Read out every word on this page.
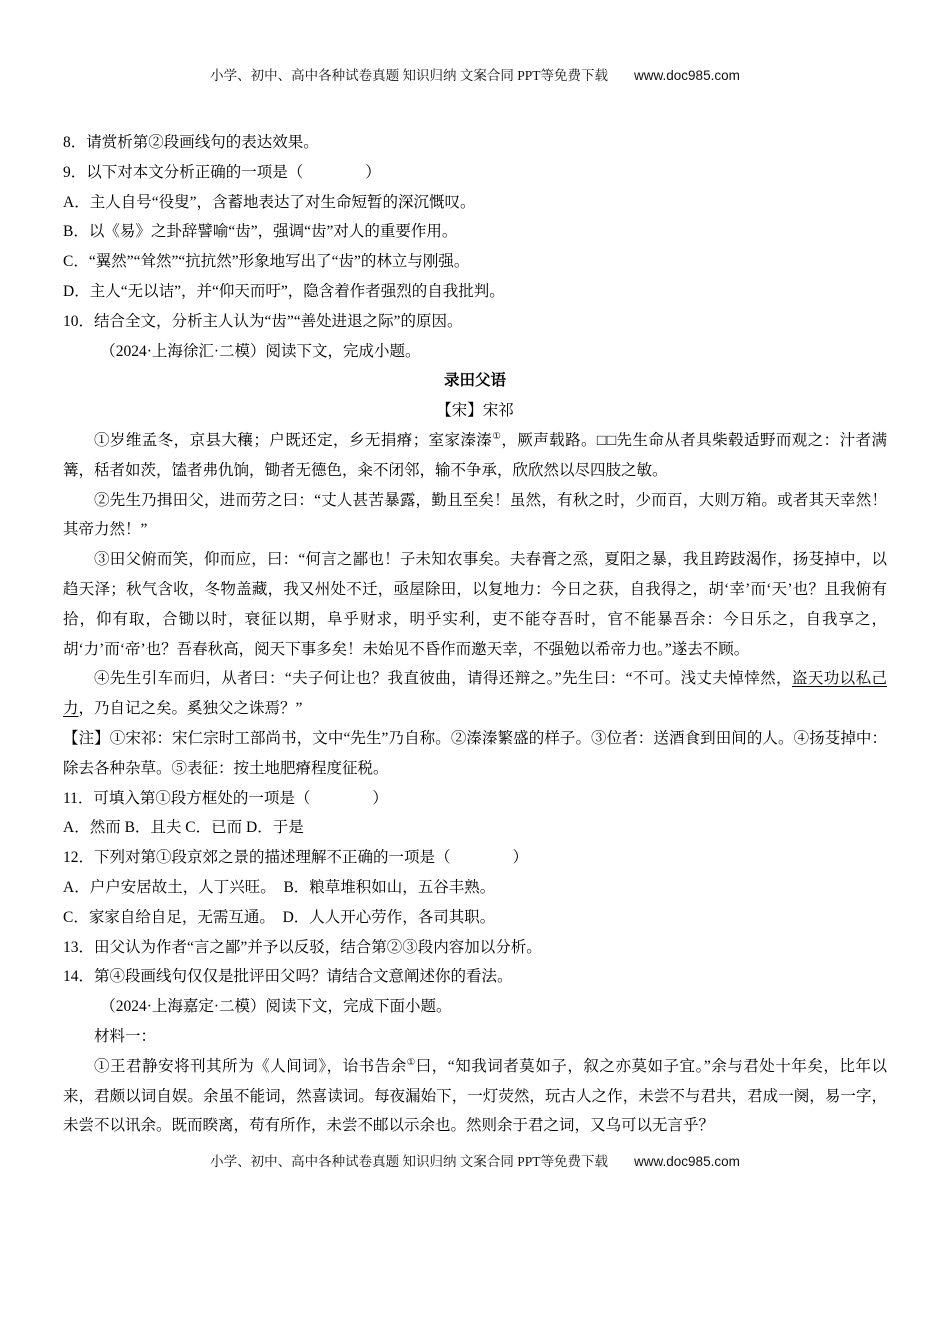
小学、初中、高中各种试卷真题 知识归纳 文案合同 PPT等免费下载 www.doc985.com
8．请赏析第②段画线句的表达效果。
9．以下对本文分析正确的一项是（　　　　）
A．主人自号“役叟”，含蓄地表达了对生命短暂的深沉慨叹。
B．以《易》之卦辞譬喻“齿”，强调“齿”对人的重要作用。
C．“翼然”“耸然”“抗抗然”形象地写出了“齿”的林立与刚强。
D．主人“无以诘”，并“仰天而吁”，隐含着作者强烈的自我批判。
10．结合全文，分析主人认为“齿”“善处进退之际”的原因。
（2024·上海徐汇·二模）阅读下文，完成小题。
录田父语
【宋】宋祁

①岁维孟冬，京县大穰；户既还定，乡无捐瘠；室家溱溱①，厥声载路。□□先生命从者具柴毂适野而观之：汁者满篝，秳者如茨，馌者弗仇饷，锄者无德色，籴不闭邻，输不争承，欣欣然以尽四肢之敏。

②先生乃揖田父，进而劳之曰：“丈人甚苦暴露，勤且至矣！虽然，有秋之时，少而百，大则万箱。或者其天幸然！其帝力然！”

③田父俯而笑，仰而应，曰：“何言之鄙也！子未知农事矣。夫春膏之烝，夏阳之暴，我且跨跂渴作，扬芟掉中，以趋天泽；秋气含收，冬物盖藏，我又州处不迁，亟屋除田，以复地力：今日之获，自我得之，胡‘幸’而‘天’也？且我俯有拾，仰有取，合锄以时，衰征以期，阜乎财求，明乎实利，吏不能夺吾时，官不能暴吾余：今日乐之，自我享之，胡‘力’而‘帝’也？吾春秋高，阅天下事多矣！未始见不昏作而邀天幸，不强勉以希帝力也。”遂去不顾。

④先生引车而归，从者曰：“夫子何让也？我直彼曲，请得还辩之。”先生曰：“不可。浅丈夫悼悻然，盗天功以私己力，乃自记之矣。奚独父之诛焉？”

【注】①宋祁：宋仁宗时工部尚书，文中“先生”乃自称。②溱溱繁盛的样子。③位者：送酒食到田间的人。④扬芟掉中：除去各种杂草。⑤表征：按土地肥瘠程度征税。

11．可填入第①段方框处的一项是（　　　　）
A．然而 B．且夫 C．已而 D．于是
12．下列对第①段京郊之景的描述理解不正确的一项是（　　　　）
A．户户安居故土，人丁兴旺。　B．粮草堆积如山，五谷丰熟。
C．家家自给自足，无需互通。　D．人人开心劳作，各司其职。
13．田父认为作者“言之鄙”并予以反驳，结合第②③段内容加以分析。
14．第④段画线句仅仅是批评田父吗？请结合文意阐述你的看法。
（2024·上海嘉定·二模）阅读下文，完成下面小题。
材料一：

①王君静安将刊其所为《人间词》，诒书告余①曰，“知我词者莫如子，叙之亦莫如子宜。”余与君处十年矣，比年以来，君颇以词自娱。余虽不能词，然喜读词。每夜漏始下，一灯荧然，玩古人之作，未尝不与君共，君成一阕，易一字，未尝不以讯余。既而睽离，苟有所作，未尝不邮以示余也。然则余于君之词，又乌可以无言乎？

小学、初中、高中各种试卷真题 知识归纳 文案合同 PPT等免费下载 www.doc985.com
